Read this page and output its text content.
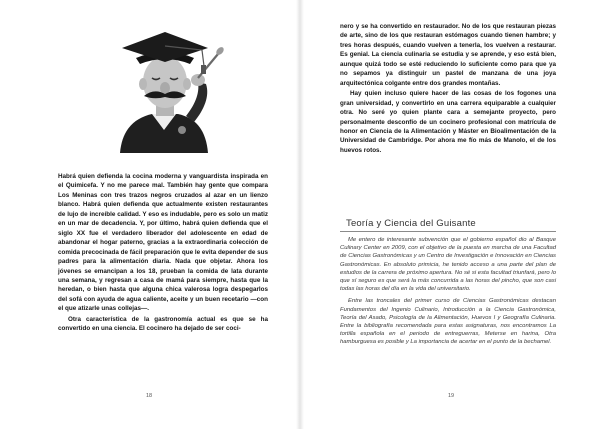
Habrá quien defienda la cocina moderna y vanguardista inspirada en el Quimicefa. Y no me parece mal. También hay gente que compara Los Meninas con tres trazos negros cruzados al azar en un lienzo blanco. Habrá quien defienda que actualmente existen restaurantes de lujo de increíble calidad. Y eso es indudable, pero es solo un matiz en un mar de decadencia. Y, por último, habrá quien defienda que el siglo XX fue el verdadero liberador del adolescente en edad de abandonar el hogar paterno, gracias a la extraordinaria colección de comida precocinada de fácil preparación que le evita depender de sus padres para la alimentación diaria. Nada que objetar. Ahora los jóvenes se emancipan a los 18, prueban la comida de lata durante una semana, y regresan a casa de mamá para siempre, hasta que la heredan, o bien hasta que alguna chica valerosa logra despegarlos del sofá con ayuda de agua caliente, aceite y un buen recetario —con el que atizarle unas collejas—.

Otra característica de la gastronomía actual es que se ha convertido en una ciencia. El cocinero ha dejado de ser coci-

18

nero y se ha convertido en restaurador. No de los que restauran piezas de arte, sino de los que restauran estómagos cuando tienen hambre; y tres horas después, cuando vuelven a tenerla, los vuelven a restaurar. Es genial. La ciencia culinaria se estudia y se aprende, y eso está bien, aunque quizá todo se esté reduciendo lo suficiente como para que ya no sepamos ya distinguir un pastel de manzana de una joya arquitectónica colgante entre dos grandes montañas.

Hay quien incluso quiere hacer de las cosas de los fogones una gran universidad, y convertirlo en una carrera equiparable a cualquier otra. No seré yo quien plante cara a semejante proyecto, pero personalmente desconfío de un cocinero profesional con matrícula de honor en Ciencia de la Alimentación y Máster en Bioalimentación de la Universidad de Cambridge. Por ahora me fío más de Manolo, el de los huevos rotos.

Teoría y Ciencia del Guisante

Me entero de interesante subvención que el gobierno español dio al Basque Culinary Center en 2009, con el objetivo de la puesta en marcha de una Facultad de Ciencias Gastronómicas y un Centro de Investigación e Innovación en Ciencias Gastronómicas. En absoluto primicia, he tenido acceso a una parte del plan de estudios de la carrera de próximo apertura. No sé si esta facultad triunfará, pero lo que sí seguro es que será la más concurrida a las horas del pincho, que son casi todas las horas del día en la vida del universitario.

Entre las troncales del primer curso de Ciencias Gastronómicas destacan Fundamentos del Ingenio Culinario, Introducción a la Ciencia Gastronómica, Teoría del Asado, Psicología de la Alimentación, Huevos I y Geografía Culinaria. Entre la bibliografía recomendada para estas asignaturas, nos encontramos La tortilla española en el periodo de entreguerras, Meterse en harina, Otra hamburguesa es posible y La importancia de acertar en el punto de la bechamel.

19
